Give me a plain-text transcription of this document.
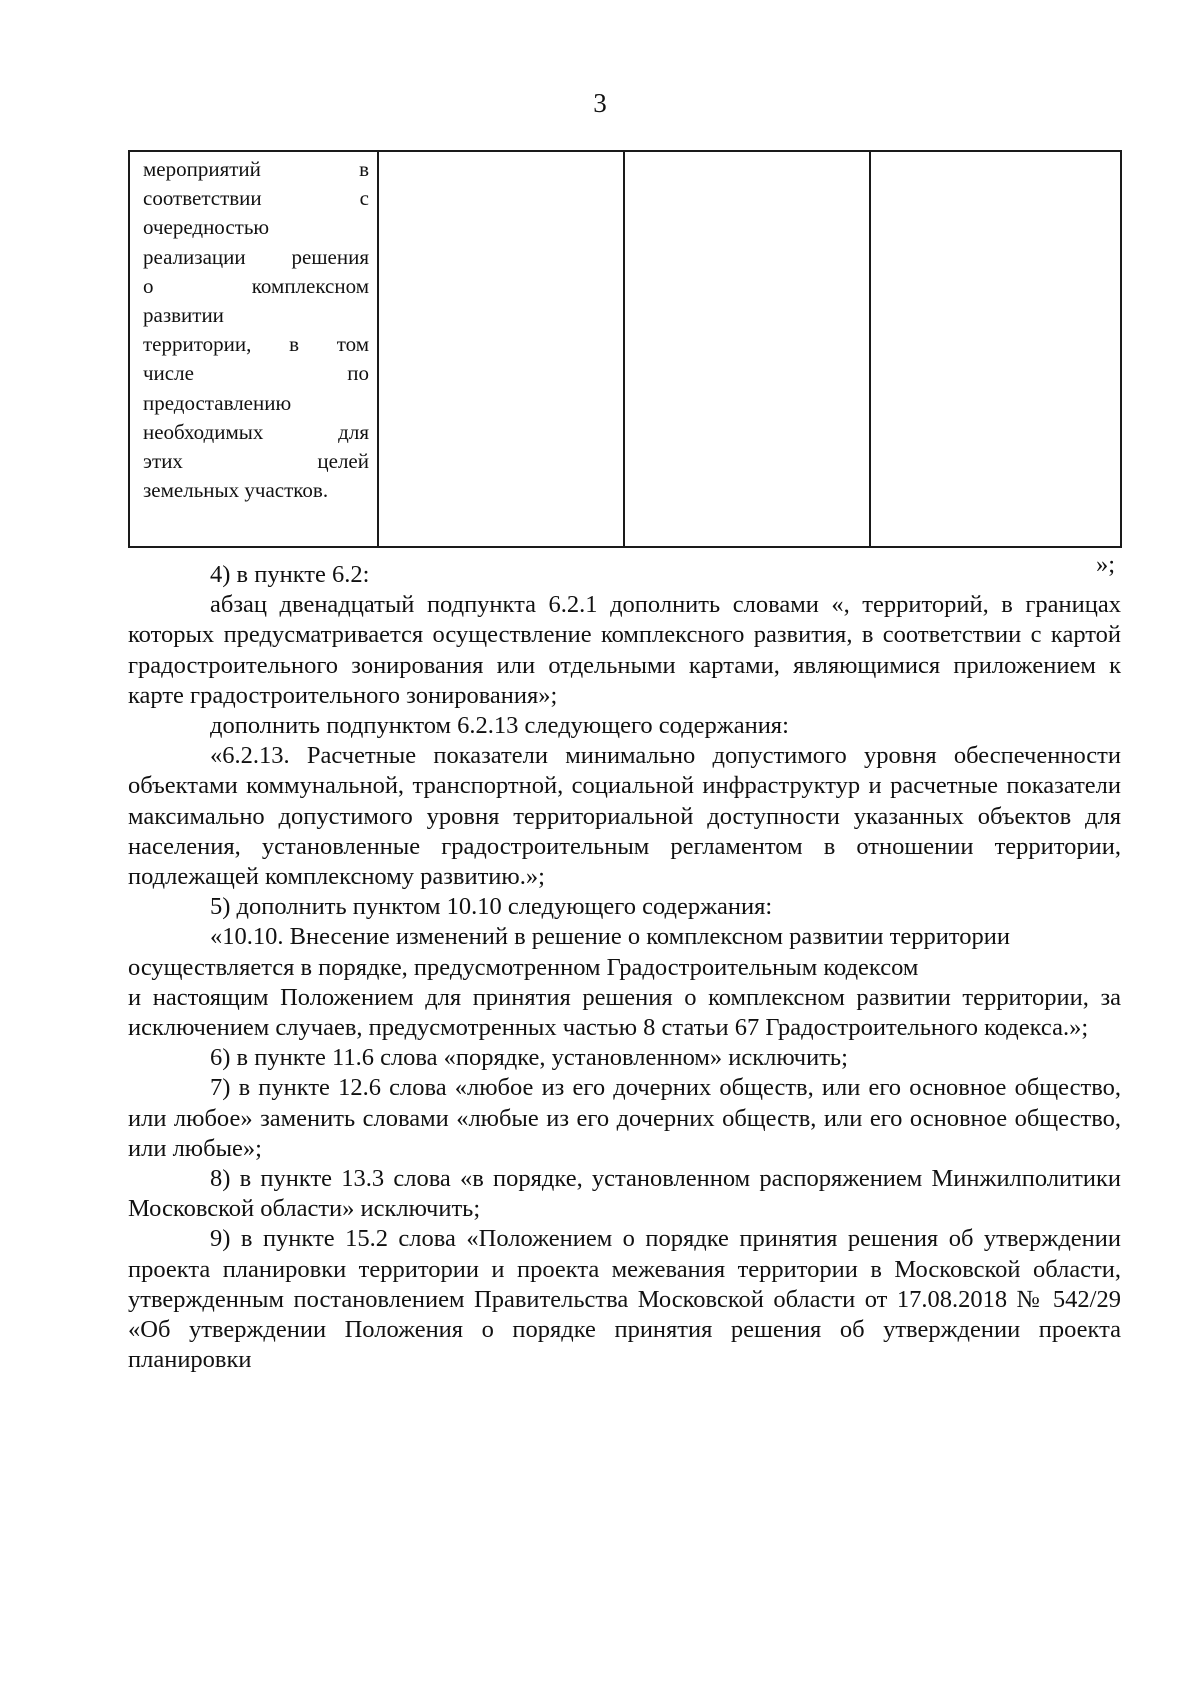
3
мероприятий	в
соответствии	с
очередностью
реализации решения
о	комплексном
развитии
территории, в том
числе	по
предоставлению
необходимых	для
этих	целей
земельных участков.
»;

4) в пункте 6.2:

абзац двенадцатый подпункта 6.2.1 дополнить словами «, территорий, в границах которых предусматривается осуществление комплексного развития, в соответствии с картой градостроительного зонирования или отдельными картами, являющимися приложением к карте градостроительного зонирования»;

дополнить подпунктом 6.2.13 следующего содержания:

«6.2.13. Расчетные показатели минимально допустимого уровня обеспеченности объектами коммунальной, транспортной, социальной инфраструктур и расчетные показатели максимально допустимого уровня территориальной доступности указанных объектов для населения, установленные градостроительным регламентом в отношении территории, подлежащей комплексному развитию.»;

5) дополнить пунктом 10.10 следующего содержания:

«10.10. Внесение изменений в решение о комплексном развитии территории осуществляется в порядке, предусмотренном Градостроительным кодексом

и настоящим Положением для принятия решения о комплексном развитии территории, за исключением случаев, предусмотренных частью 8 статьи 67 Градостроительного кодекса.»;

6) в пункте 11.6 слова «порядке, установленном» исключить;

7) в пункте 12.6 слова «любое из его дочерних обществ, или его основное общество, или любое» заменить словами «любые из его дочерних обществ, или его основное общество, или любые»;

8) в пункте 13.3 слова «в порядке, установленном распоряжением Минжилполитики Московской области» исключить;

9) в пункте 15.2 слова «Положением о порядке принятия решения об утверждении проекта планировки территории и проекта межевания территории в Московской области, утвержденным постановлением Правительства Московской области от 17.08.2018 № 542/29 «Об утверждении Положения о порядке принятия решения об утверждении проекта планировки
